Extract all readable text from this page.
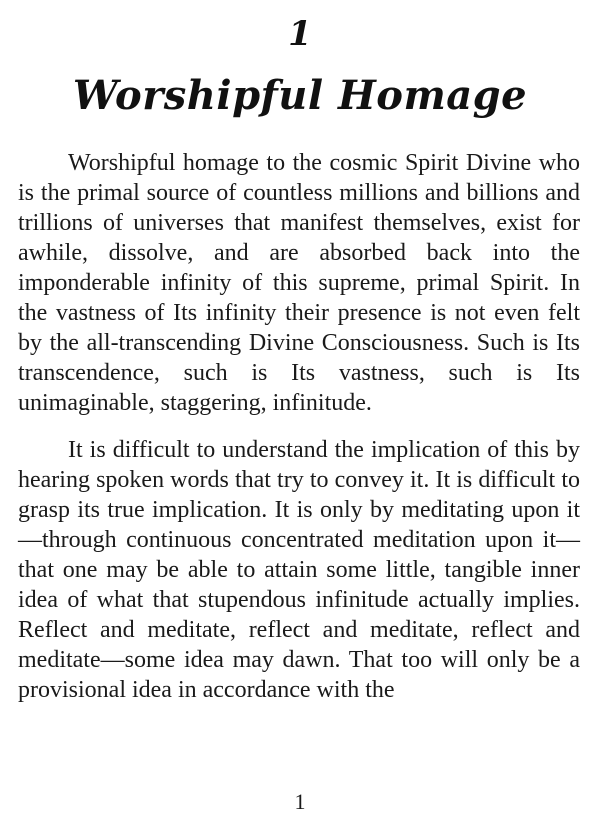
1
Worshipful Homage

Worshipful homage to the cosmic Spirit Divine who is the primal source of countless millions and billions and trillions of universes that manifest themselves, exist for awhile, dissolve, and are absorbed back into the imponderable infinity of this supreme, primal Spirit. In the vastness of Its infinity their presence is not even felt by the all-transcending Divine Consciousness. Such is Its transcendence, such is Its vastness, such is Its unimaginable, staggering, infinitude.

It is difficult to understand the implication of this by hearing spoken words that try to convey it. It is difficult to grasp its true implication. It is only by meditating upon it—through continuous concentrated meditation upon it—that one may be able to attain some little, tangible inner idea of what that stupendous infinitude actually implies. Reflect and meditate, reflect and meditate, reflect and meditate—some idea may dawn. That too will only be a provisional idea in accordance with the

1
